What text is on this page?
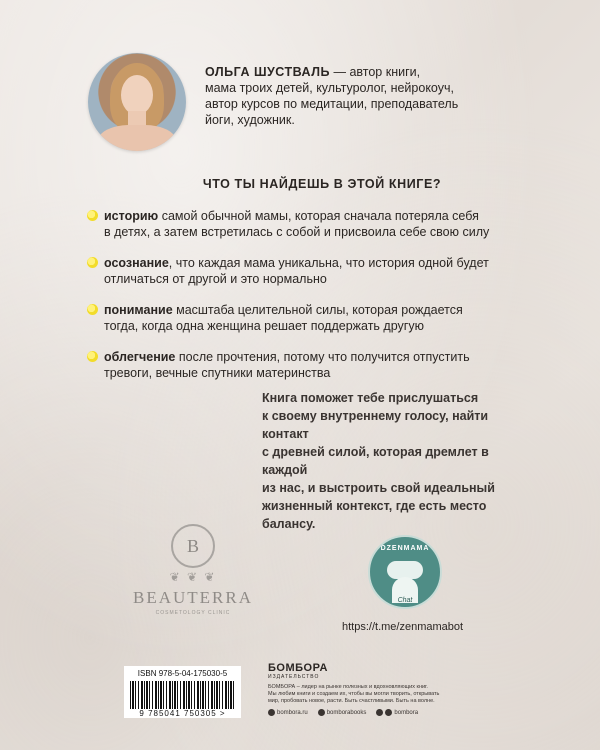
ОЛЬГА ШУСТВАЛЬ — автор книги,
мама троих детей, культуролог, нейрокоуч,
автор курсов по медитации, преподаватель
йоги, художник.
ЧТО ТЫ НАЙДЕШЬ В ЭТОЙ КНИГЕ?
историю самой обычной мамы, которая сначала потеряла себя
в детях, а затем встретилась с собой и присвоила себе свою силу
осознание, что каждая мама уникальна, что история одной будет
отличаться от другой и это нормально
понимание масштаба целительной силы, которая рождается
тогда, когда одна женщина решает поддержать другую
облегчение после прочтения, потому что получится отпустить
тревоги, вечные спутники материнства
Книга поможет тебе прислушаться
к своему внутреннему голосу, найти контакт
с древней силой, которая дремлет в каждой
из нас, и выстроить свой идеальный
жизненный контекст, где есть место балансу.
B
❦ ❦ ❦
BEAUTERRA
COSMETOLOGY CLINIC
DZENMAMA
Chat
https://t.me/zenmamabot
ISBN 978-5-04-175030-5
9 785041 750305 >
БОМБОРА
ИЗДАТЕЛЬСТВО
БОМБОРА – лидер на рынке полезных и вдохновляющих книг.
Мы любим книги и создаем их, чтобы вы могли творить, открывать
мир, пробовать новое, расти. Быть счастливыми. Быть на волне.
bombora.ru	bomborabooks	bombora
